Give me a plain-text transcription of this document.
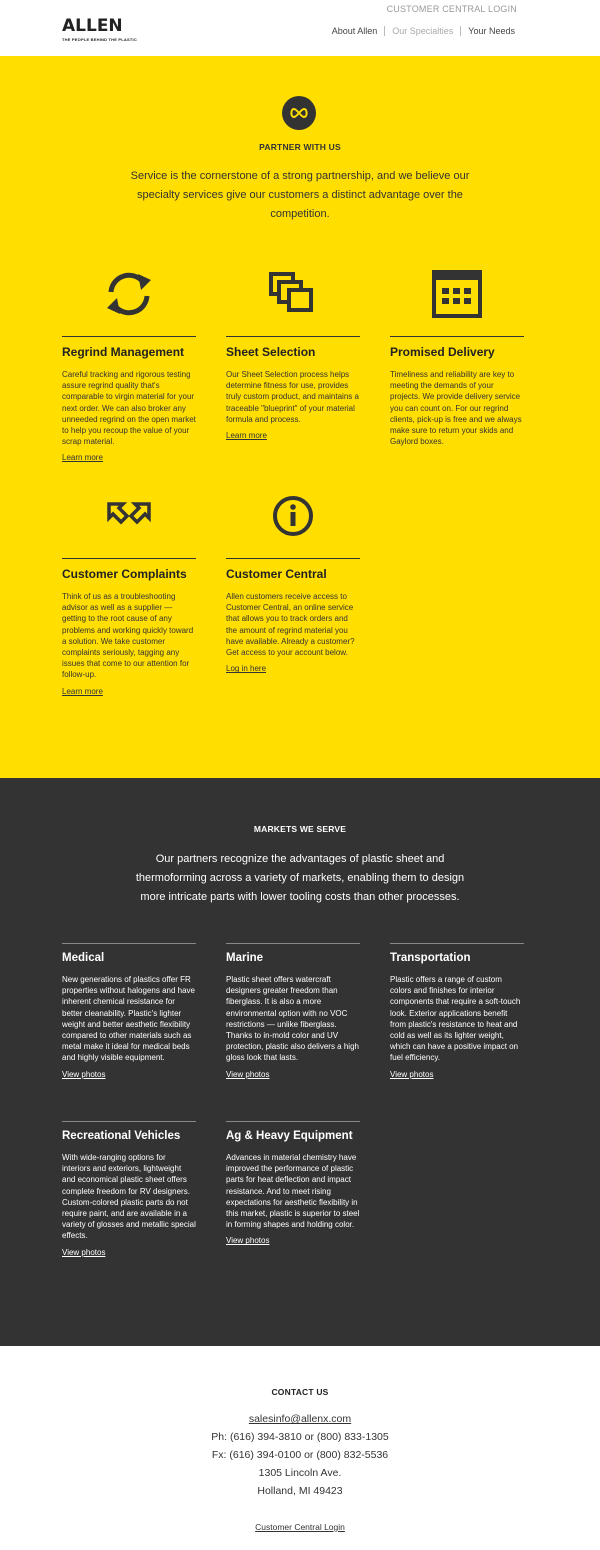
ALLEN
THE PEOPLE BEHIND THE PLASTIC
CUSTOMER CENTRAL LOGIN
About Allen	Our Specialties	Your Needs
PARTNER WITH US
Service is the cornerstone of a strong partnership, and we believe our specialty services give our customers a distinct advantage over the competition.
Regrind Management

Careful tracking and rigorous testing assure regrind quality that's comparable to virgin material for your next order. We can also broker any unneeded regrind on the open market to help you recoup the value of your scrap material.

Learn more
Sheet Selection

Our Sheet Selection process helps determine fitness for use, provides truly custom product, and maintains a traceable "blueprint" of your material formula and process.

Learn more
Promised Delivery

Timeliness and reliability are key to meeting the demands of your projects. We provide delivery service you can count on. For our regrind clients, pick-up is free and we always make sure to return your skids and Gaylord boxes.

Customer Complaints

Think of us as a troubleshooting advisor as well as a supplier — getting to the root cause of any problems and working quickly toward a solution. We take customer complaints seriously, tagging any issues that come to our attention for follow-up.

Learn more
Customer Central

Allen customers receive access to Customer Central, an online service that allows you to track orders and the amount of regrind material you have available. Already a customer? Get access to your account below.

Log in here
MARKETS WE SERVE
Our partners recognize the advantages of plastic sheet and thermoforming across a variety of markets, enabling them to design more intricate parts with lower tooling costs than other processes.
Medical

New generations of plastics offer FR properties without halogens and have inherent chemical resistance for better cleanability. Plastic's lighter weight and better aesthetic flexibility compared to other materials such as metal make it ideal for medical beds and highly visible equipment.

View photos
Marine

Plastic sheet offers watercraft designers greater freedom than fiberglass. It is also a more environmental option with no VOC restrictions — unlike fiberglass. Thanks to in-mold color and UV protection, plastic also delivers a high gloss look that lasts.

View photos
Transportation

Plastic offers a range of custom colors and finishes for interior components that require a soft-touch look. Exterior applications benefit from plastic's resistance to heat and cold as well as its lighter weight, which can have a positive impact on fuel efficiency.

View photos
Recreational Vehicles

With wide-ranging options for interiors and exteriors, lightweight and economical plastic sheet offers complete freedom for RV designers. Custom-colored plastic parts do not require paint, and are available in a variety of glosses and metallic special effects.

View photos
Ag & Heavy Equipment

Advances in material chemistry have improved the performance of plastic parts for heat deflection and impact resistance. And to meet rising expectations for aesthetic flexibility in this market, plastic is superior to steel in forming shapes and holding color.

View photos
CONTACT US
salesinfo@allenx.com
Ph: (616) 394-3810 or (800) 833-1305
Fx: (616) 394-0100 or (800) 832-5536
1305 Lincoln Ave.
Holland, MI 49423
Customer Central Login
